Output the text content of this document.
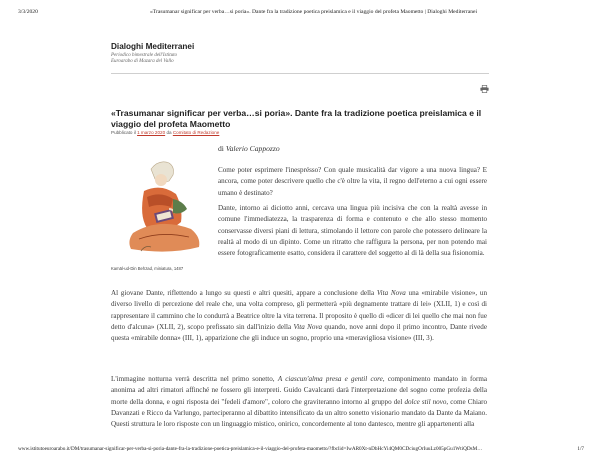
3/3/2020	«Trasumanar significar per verba…si poria». Dante fra la tradizione poetica preislamica e il viaggio del profeta Maometto | Dialoghi Mediterranei
Dialoghi Mediterranei
Periodico bimestrale dell'Istituto
Euroarabo di Mazara del Vallo
«Trasumanar significar per verba…si poria». Dante fra la tradizione poetica preislamica e il viaggio del profeta Maometto
Pubblicato il 1 marzo 2020 da Comitato di Redazione
Kamāl-ud-Din Behzad, miniatura, 1487
di Valerio Cappozzo

Come poter esprimere l'inesprésso? Con quale musicalità dar vigore a una nuova lingua? E ancora, come poter descrivere quello che c'è oltre la vita, il regno dell'eterno a cui ogni essere umano è destinato?

Dante, intorno ai diciotto anni, cercava una lingua più incisiva che con la realtà avesse in comune l'immediatezza, la trasparenza di forma e contenuto e che allo stesso momento conservasse diversi piani di lettura, stimolando il lettore con parole che potessero delineare la realtà al modo di un dipinto. Come un ritratto che raffigura la persona, per non potendo mai essere fotograficamente esatto, considera il carattere del soggetto al di là della sua fisionomia.

Al giovane Dante, riflettendo a lungo su questi e altri quesiti, appare a conclusione della Vita Nova una «mirabile visione», un diverso livello di percezione del reale che, una volta compreso, gli permetterà «più degnamente trattare di lei» (XLII, 1) e così di rappresentare il cammino che lo condurrà a Beatrice oltre la vita terrena. Il proposito è quello di «dicer di lei quello che mai non fue detto d'alcuna» (XLII, 2), scopo prefissato sin dall'inizio della Vita Nova quando, nove anni dopo il primo incontro, Dante rivede questa «mirabile donna» (III, 1), apparizione che gli induce un sogno, proprio una «meravigliosa visione» (III, 3).

L'immagine notturna verrà descritta nel primo sonetto, A ciascun'alma presa e gentil core, componimento mandato in forma anonima ad altri rimatori affinché ne fossero gli interpreti. Guido Cavalcanti darà l'interpretazione del sogno come profezia della morte della donna, e ogni risposta dei "fedeli d'amore", coloro che graviteranno intorno al gruppo del dolce stil novo, come Chiaro Davanzati e Ricco da Varlungo, parteciperanno al dibattito intensificato da un altro sonetto visionario mandato da Dante da Maiano. Questi struttura le loro risposte con un linguaggio mistico, onirico, concordemente al tono dantesco, mentre gli appartenenti alla

www.istitutoeuroarabo.it/DM/trasumanar-significar-per-verba-si-poria-dante-fra-la-tradizione-poetica-preislamica-e-il-viaggio-del-profeta-maometto/?fbclid=IwAR0Xt-nDbHcYi4QM0CDciugOrIuuLz005pGu1WtiQDsM…	1/7
